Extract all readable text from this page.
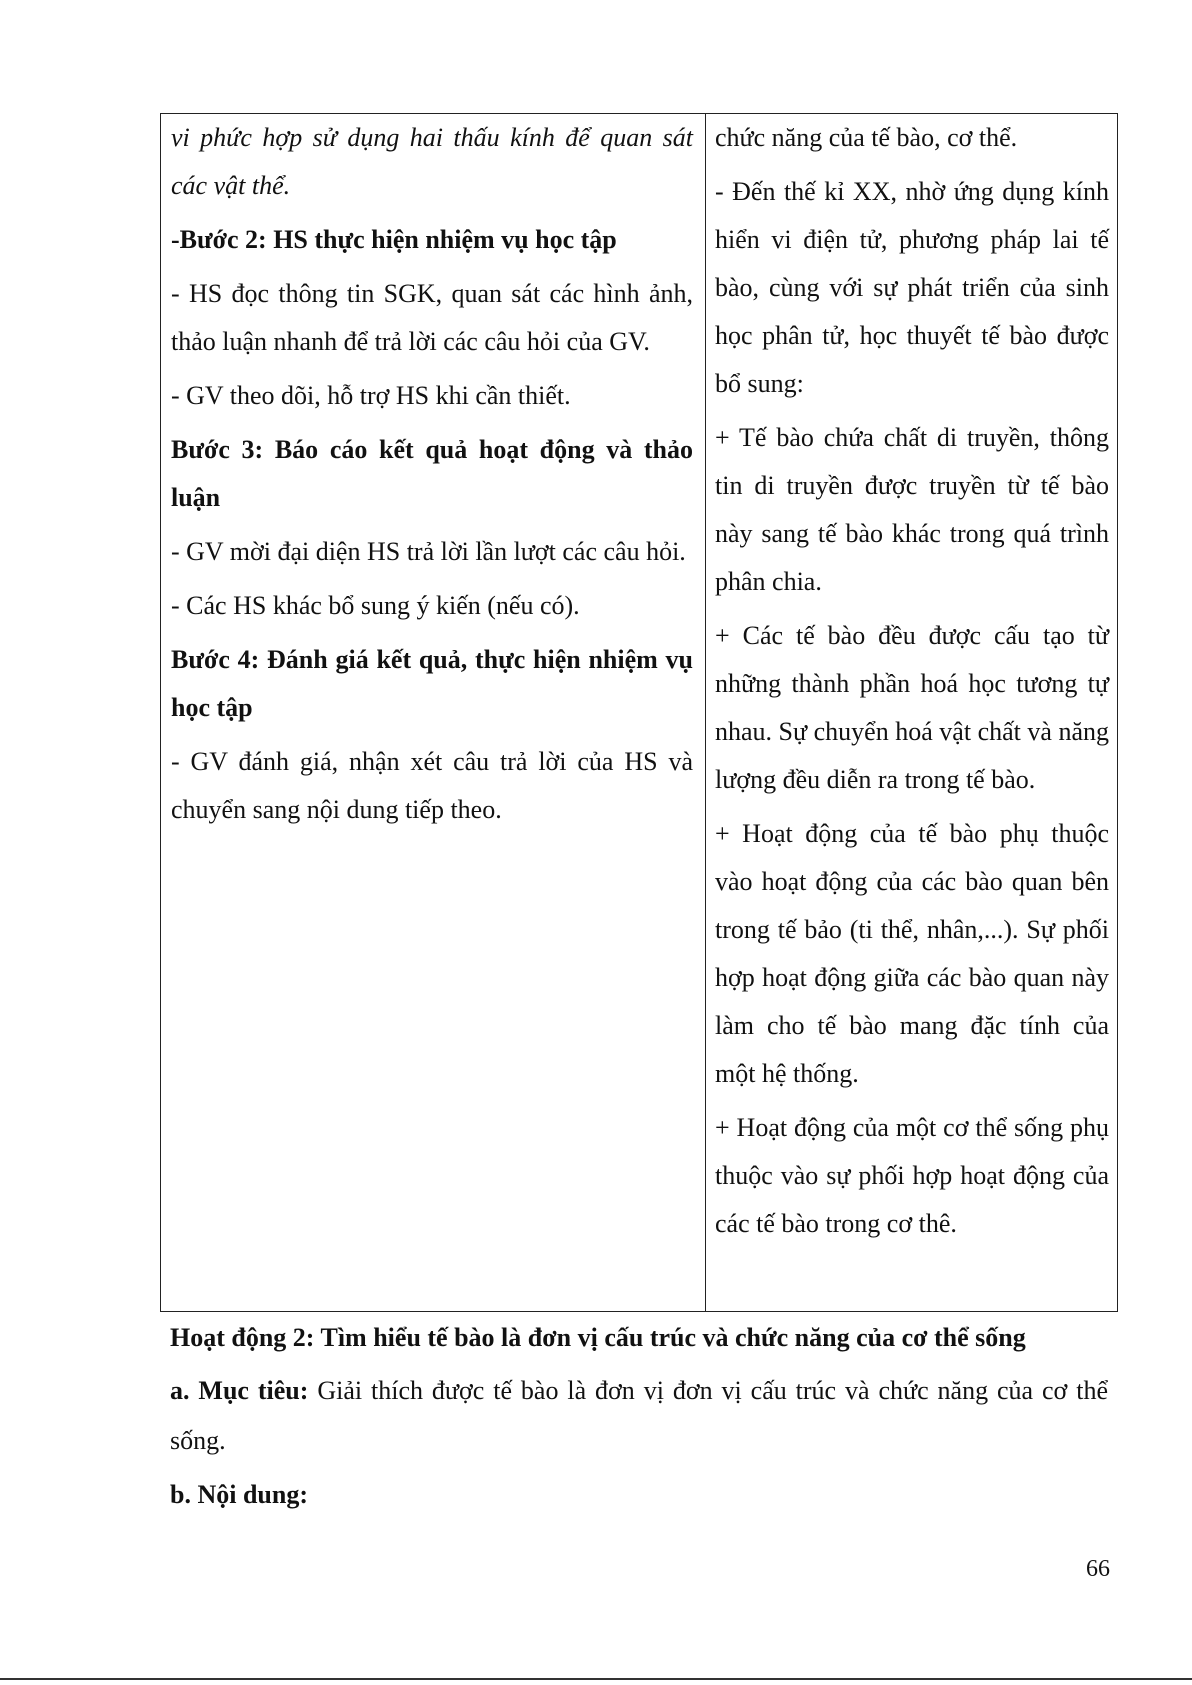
vi phức hợp sử dụng hai thấu kính để quan sát các vật thể.

-Bước 2: HS thực hiện nhiệm vụ học tập

- HS đọc thông tin SGK, quan sát các hình ảnh, thảo luận nhanh để trả lời các câu hỏi của GV.

- GV theo dõi, hỗ trợ HS khi cần thiết.

Bước 3: Báo cáo kết quả hoạt động và thảo luận

- GV mời đại diện HS trả lời lần lượt các câu hỏi.

- Các HS khác bổ sung ý kiến (nếu có).

Bước 4: Đánh giá kết quả, thực hiện nhiệm vụ học tập

- GV đánh giá, nhận xét câu trả lời của HS và chuyển sang nội dung tiếp theo.

chức năng của tế bào, cơ thể.

- Đến thế kỉ XX, nhờ ứng dụng kính hiển vi điện tử, phương pháp lai tế bào, cùng với sự phát triển của sinh học phân tử, học thuyết tế bào được bổ sung:

+ Tế bào chứa chất di truyền, thông tin di truyền được truyền từ tế bào này sang tế bào khác trong quá trình phân chia.

+ Các tế bào đều được cấu tạo từ những thành phần hoá học tương tự nhau. Sự chuyển hoá vật chất và năng lượng đều diễn ra trong tế bào.

+ Hoạt động của tế bào phụ thuộc vào hoạt động của các bào quan bên trong tế bảo (ti thể, nhân,...). Sự phối hợp hoạt động giữa các bào quan này làm cho tế bào mang đặc tính của một hệ thống.

+ Hoạt động của một cơ thể sống phụ thuộc vào sự phối hợp hoạt động của các tế bào trong cơ thê.

Hoạt động 2: Tìm hiểu tế bào là đơn vị cấu trúc và chức năng của cơ thể sống
a. Mục tiêu: Giải thích được tế bào là đơn vị đơn vị cấu trúc và chức năng của cơ thể sống.
b. Nội dung:
66
